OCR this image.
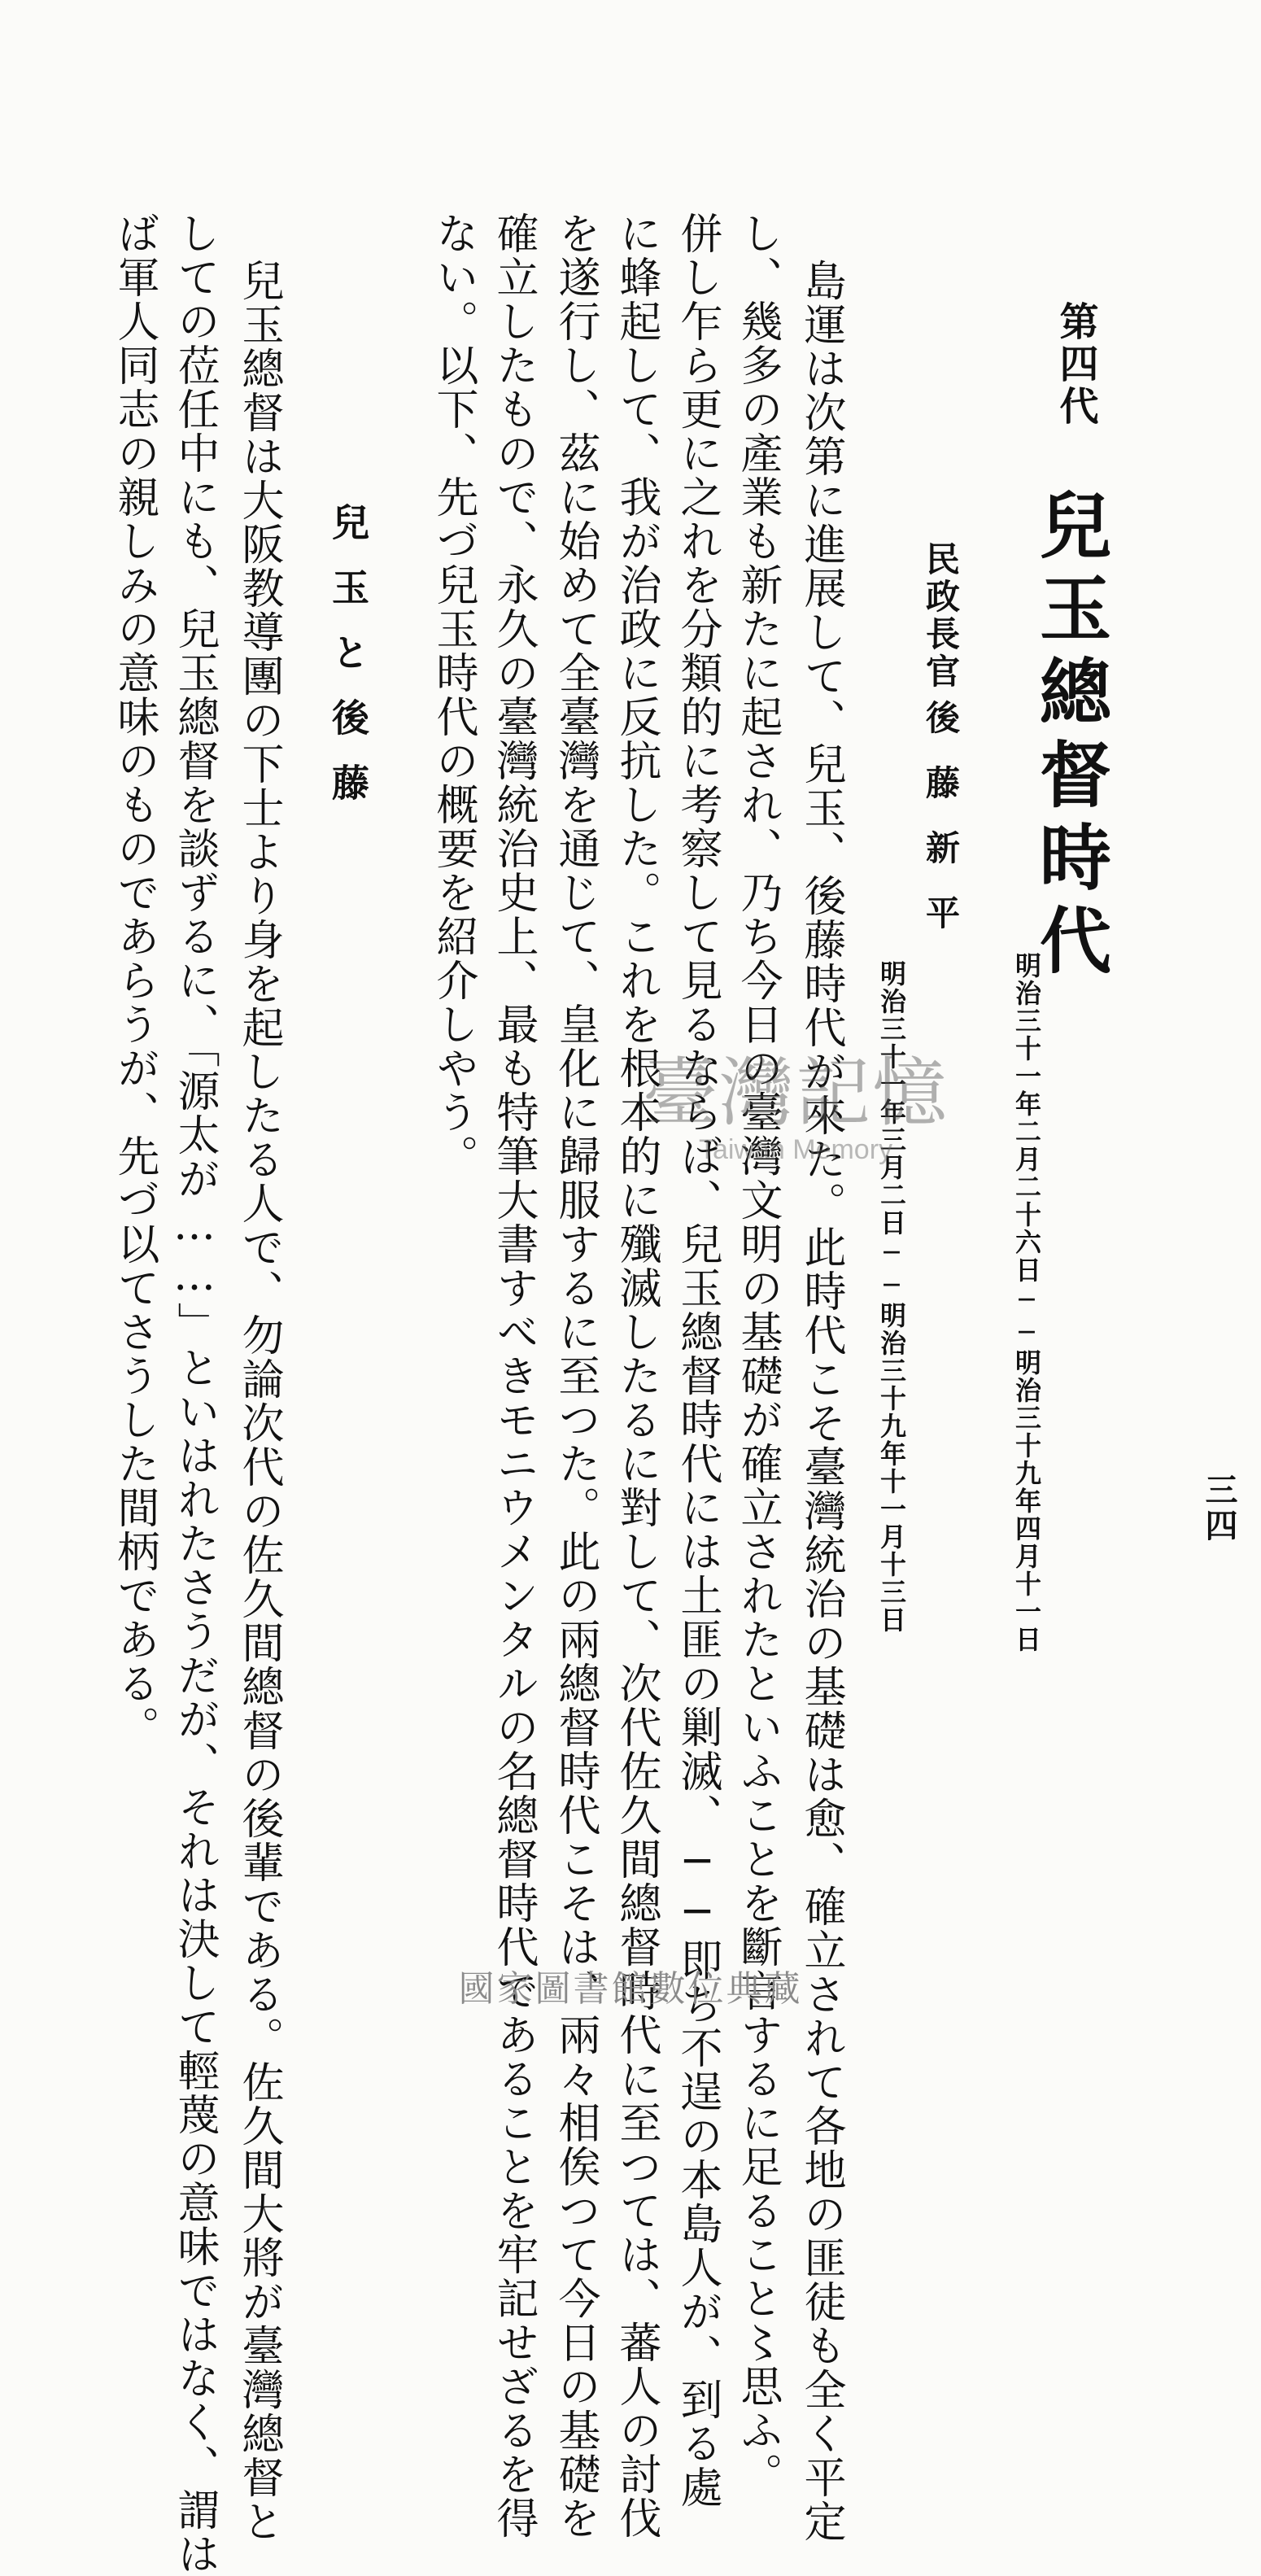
三四
第四代
兒玉總督時代
明治三十一年二月二十六日──明治三十九年四月十一日
民政長官
後藤新平
明治三十一年三月二日──明治三十九年十一月十三日
島運は次第に進展して、兒玉、後藤時代が來た。此時代こそ臺灣統治の基礎は愈、確立されて各地の匪徒も全く平定
し、幾多の產業も新たに起され、乃ち今日の臺灣文明の基礎が確立されたといふことを斷言するに足ること〻思ふ。
併し乍ら更に之れを分類的に考察して見るならば、兒玉總督時代には土匪の剿滅、──即ち不逞の本島人が、到る處
に蜂起して、我が治政に反抗した。これを根本的に殲滅したるに對して、次代佐久間總督時代に至つては、蕃人の討伐
を遂行し、茲に始めて全臺灣を通じて、皇化に歸服するに至つた。此の兩總督時代こそは、兩々相俟つて今日の基礎を
確立したもので、永久の臺灣統治史上、最も特筆大書すべきモニウメンタルの名總督時代であることを牢記せざるを得
ない。以下、先づ兒玉時代の概要を紹介しやう。
兒玉と後藤
兒玉總督は大阪教導團の下士より身を起したる人で、勿論次代の佐久間總督の後輩である。佐久間大將が臺灣總督と
しての莅任中にも、兒玉總督を談ずるに、「源太が……」といはれたさうだが、それは決して輕蔑の意味ではなく、謂は
ば軍人同志の親しみの意味のものであらうが、先づ以てさうした間柄である。	臺灣記憶
Taiwan Memory
國家圖書館數位典藏
